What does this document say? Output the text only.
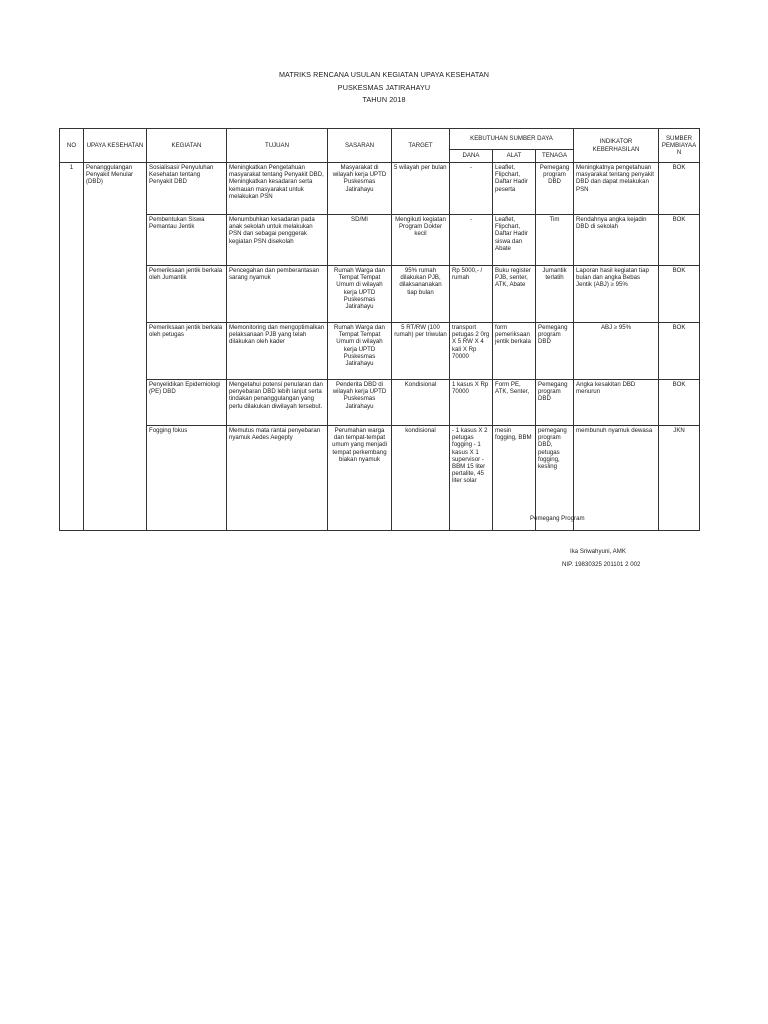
MATRIKS RENCANA USULAN KEGIATAN UPAYA KESEHATAN
PUSKESMAS JATIRAHAYU
TAHUN 2018
NO	UPAYA KESEHATAN	KEGIATAN	TUJUAN	SASARAN	TARGET	KEBUTUHAN SUMBER DAYA			INDIKATOR KEBERHASILAN	SUMBER PEMBIAYAAN
						DANA	ALAT	TENAGA		
1	Penanggulangan Penyakit Menular (DBD)	Sosialisasi/ Penyuluhan Kesehatan tentang Penyakit DBD	Meningkatkan Pengetahuan masyarakat tentang Penyakit DBD, Meningkatkan kesadaran serta kemauan masyarakat untuk melakukan PSN	Masyarakat di wilayah kerja UPTD Puskesmas Jatirahayu	5 wilayah per bulan	-	Leaflet, Flipchart, Daftar Hadir peserta	Pemegang program DBD	Meningkatnya pengetahuan masyarakat tentang penyakit DBD dan dapat melakukan PSN	BOK
		Pembentukan Siswa Pemantau Jentik	Menumbuhkan kesadaran pada anak sekolah untuk melakukan PSN dan sebagai penggerak kegiatan PSN disekolah	SD/MI	Mengikuti kegiatan Program Dokter kecil	-	Leaflet, Flipchart, Daftar Hadir siswa dan Abate	Tim	Rendahnya angka kejadin DBD di sekolah	BOK
		Pemeriksaan jentik berkala oleh Jumantik	Pencegahan dan pemberantasan sarang nyamuk	Rumah Warga dan Tempat Tempat Umum di wilayah kerja UPTD Puskesmas Jatirahayu	95% rumah dilakukan PJB, dilaksananakan tiap bulan	Rp 5000,- / rumah	Buku register PJB, senter, ATK, Abate	Jumantik terlatih	Laporan hasil kegiatan tiap bulan dan angka Bebas Jentik (ABJ) ≥ 95%	BOK
		Pemeriksaan jentik berkala oleh petugas	Memonitoring dan mengoptimalkan pelaksanaan PJB yang telah dilakukan oleh kader	Rumah Warga dan Tempat Tempat Umum di wilayah kerja UPTD Puskesmas Jatirahayu	5 RT/RW (100 rumah) per triwulan	transport petugas 2 0rg X 5 RW X 4 kali X Rp 70000	form pemeriksaan jentik berkala	Pemegang program DBD	ABJ ≥ 95%	BOK
		Penyelidikan Epidemiologi (PE) DBD	Mengetahui potensi penularan dan penyebaran DBD lebih lanjut serta tindakan penanggulangan yang perlu dilakukan diwilayah tersebut.	Penderita DBD di wilayah kerja UPTD Puskesmas Jatirahayu	Kondisional	1 kasus X Rp 70000	Form PE, ATK, Senter,	Pemegang program DBD	Angka kesakitan DBD menurun	BOK
		Fogging fokus	Memutus mata rantai penyebaran nyamuk Aedes Aegepty	Perumahan warga dan tempat-tempat umum yang menjadi tempat perkembang biakan nyamuk	kondisional	- 1 kasus X 2 petugas fogging - 1 kasus X 1 supervisor - BBM 15 liter pertalite, 45 liter solar	mesin fogging, BBM	pemegang program DBD, petugas fogging, kesling	membunuh nyamuk dewasa	JKN
Pemegang Program
Ika Sriwahyuni, AMK
NIP. 19830325 201101 2 002
